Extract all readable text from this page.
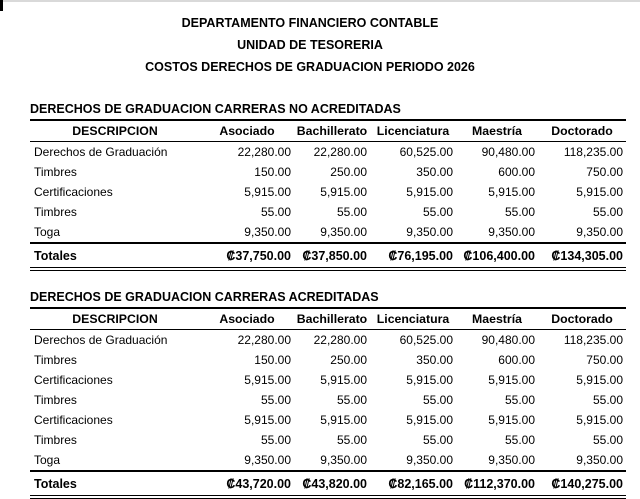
DEPARTAMENTO FINANCIERO CONTABLE
UNIDAD DE TESORERIA
COSTOS DERECHOS DE GRADUACION PERIODO 2026
DERECHOS DE GRADUACION CARRERAS NO ACREDITADAS
DESCRIPCION	Asociado	Bachillerato	Licenciatura	Maestría	Doctorado
Derechos de Graduación	22,280.00	22,280.00	60,525.00	90,480.00	118,235.00
Timbres	150.00	250.00	350.00	600.00	750.00
Certificaciones	5,915.00	5,915.00	5,915.00	5,915.00	5,915.00
Timbres	55.00	55.00	55.00	55.00	55.00
Toga	9,350.00	9,350.00	9,350.00	9,350.00	9,350.00
Totales	₡37,750.00	₡37,850.00	₡76,195.00	₡106,400.00	₡134,305.00
DERECHOS DE GRADUACION CARRERAS ACREDITADAS
DESCRIPCION	Asociado	Bachillerato	Licenciatura	Maestría	Doctorado
Derechos de Graduación	22,280.00	22,280.00	60,525.00	90,480.00	118,235.00
Timbres	150.00	250.00	350.00	600.00	750.00
Certificaciones	5,915.00	5,915.00	5,915.00	5,915.00	5,915.00
Timbres	55.00	55.00	55.00	55.00	55.00
Certificaciones	5,915.00	5,915.00	5,915.00	5,915.00	5,915.00
Timbres	55.00	55.00	55.00	55.00	55.00
Toga	9,350.00	9,350.00	9,350.00	9,350.00	9,350.00
Totales	₡43,720.00	₡43,820.00	₡82,165.00	₡112,370.00	₡140,275.00
